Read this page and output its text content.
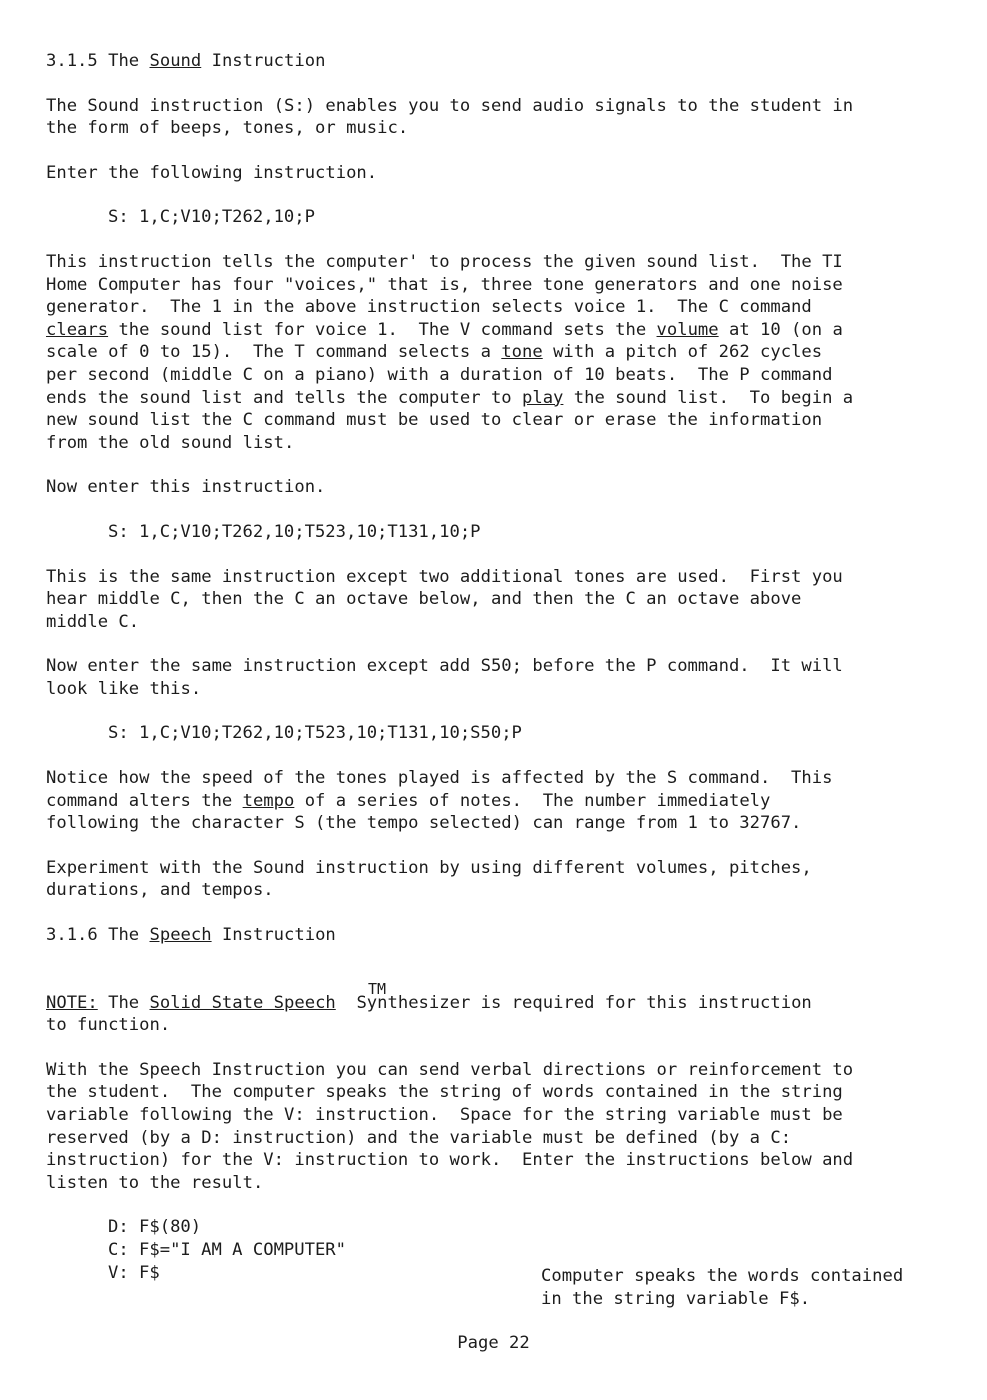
3.1.5 The Sound Instruction

The Sound instruction (S:) enables you to send audio signals to the student in
the form of beeps, tones, or music.

Enter the following instruction.

S: 1,C;V10;T262,10;P

This instruction tells the computer' to process the given sound list.  The TI
Home Computer has four "voices," that is, three tone generators and one noise
generator.  The 1 in the above instruction selects voice 1.  The C command
clears the sound list for voice 1.  The V command sets the volume at 10 (on a
scale of 0 to 15).  The T command selects a tone with a pitch of 262 cycles
per second (middle C on a piano) with a duration of 10 beats.  The P command
ends the sound list and tells the computer to play the sound list.  To begin a
new sound list the C command must be used to clear or erase the information
from the old sound list.

Now enter this instruction.

S: 1,C;V10;T262,10;T523,10;T131,10;P

This is the same instruction except two additional tones are used.  First you
hear middle C, then the C an octave below, and then the C an octave above
middle C.

Now enter the same instruction except add S50; before the P command.  It will
look like this.

S: 1,C;V10;T262,10;T523,10;T131,10;S50;P

Notice how the speed of the tones played is affected by the S command.  This
command alters the tempo of a series of notes.  The number immediately
following the character S (the tempo selected) can range from 1 to 32767.

Experiment with the Sound instruction by using different volumes, pitches,
durations, and tempos.

3.1.6 The Speech Instruction

NOTE: The Solid State Speech  Synthesizer is required for this instruction
to function.

With the Speech Instruction you can send verbal directions or reinforcement to
the student.  The computer speaks the string of words contained in the string
variable following the V: instruction.  Space for the string variable must be
reserved (by a D: instruction) and the variable must be defined (by a C:
instruction) for the V: instruction to work.  Enter the instructions below and
listen to the result.

D: F$(80)

C: F$="I AM A COMPUTER"

V: F$

TM

Computer speaks the words contained
in the string variable F$.

Page 22
